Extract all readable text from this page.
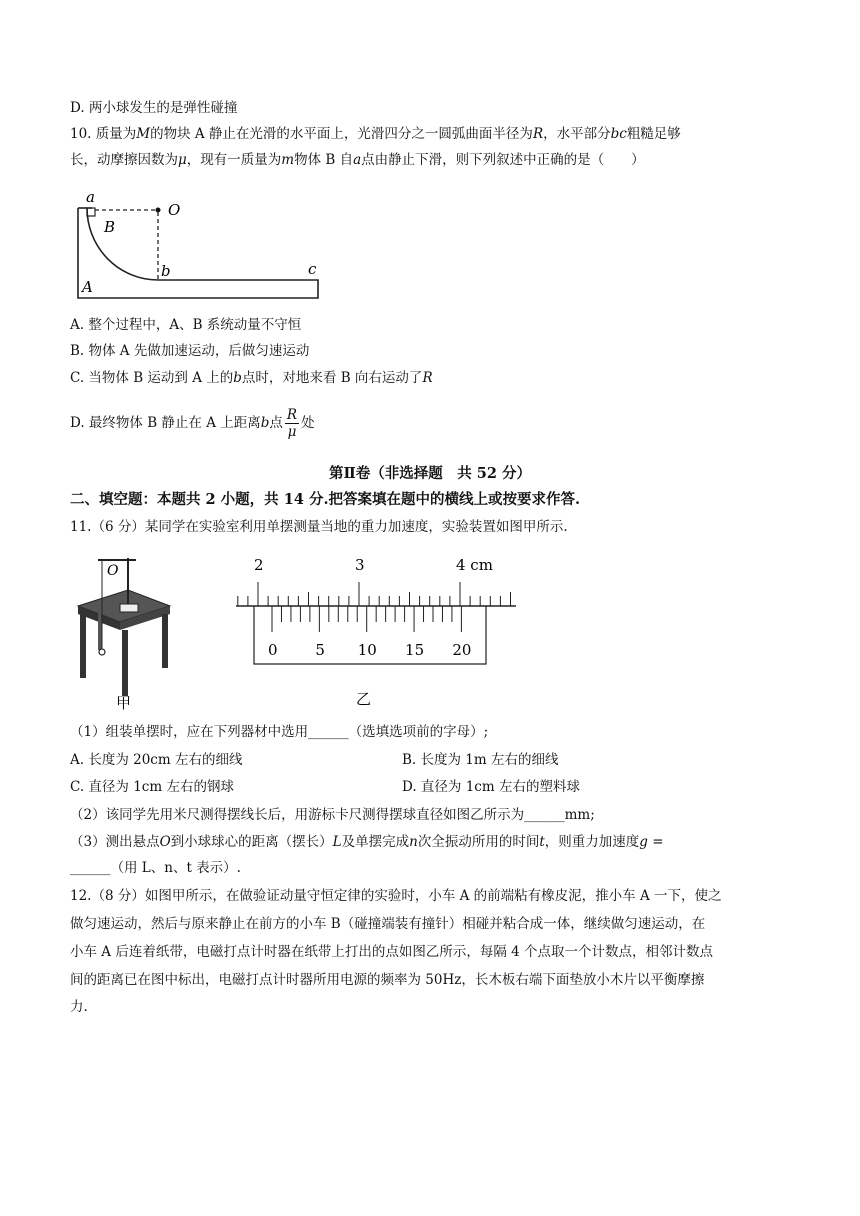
D. 两小球发生的是弹性碰撞
10. 质量为M的物块 A 静止在光滑的水平面上，光滑四分之一圆弧曲面半径为R，水平部分bc粗糙足够
长，动摩擦因数为μ，现有一质量为m物体 B 自a点由静止下滑，则下列叙述中正确的是（　　）
a
O
B
b	c
A
A. 整个过程中，A、B 系统动量不守恒
B. 物体 A 先做加速运动，后做匀速运动
C. 当物体 B 运动到 A 上的b点时，对地来看 B 向右运动了R
D. 最终物体 B 静止在 A 上距离b点 $\frac{R}{\mu}$ 处
第Ⅱ卷（非选择题　共 52 分）
二、填空题：本题共 2 小题，共 14 分.把答案填在题中的横线上或按要求作答.
11.（6 分）某同学在实验室利用单摆测量当地的重力加速度，实验装置如图甲所示.
O
甲
2	3	4 cm
0	5 10 15 20
乙
（1）组装单摆时，应在下列器材中选用______（选填选项前的字母）;
A. 长度为 20cm 左右的细线	B. 长度为 1m 左右的细线
C. 直径为 1cm 左右的钢球	D. 直径为 1cm 左右的塑料球
（2）该同学先用米尺测得摆线长后，用游标卡尺测得摆球直径如图乙所示为______mm;
（3）测出悬点O到小球球心的距离（摆长）L及单摆完成n次全振动所用的时间t，则重力加速度g =
______（用 L、n、t 表示）.
12.（8 分）如图甲所示，在做验证动量守恒定律的实验时，小车 A 的前端粘有橡皮泥，推小车 A 一下，使之
做匀速运动，然后与原来静止在前方的小车 B（碰撞端装有撞针）相碰并粘合成一体，继续做匀速运动，在
小车 A 后连着纸带，电磁打点计时器在纸带上打出的点如图乙所示，每隔 4 个点取一个计数点，相邻计数点
间的距离已在图中标出，电磁打点计时器所用电源的频率为 50Hz，长木板右端下面垫放小木片以平衡摩擦
力.
